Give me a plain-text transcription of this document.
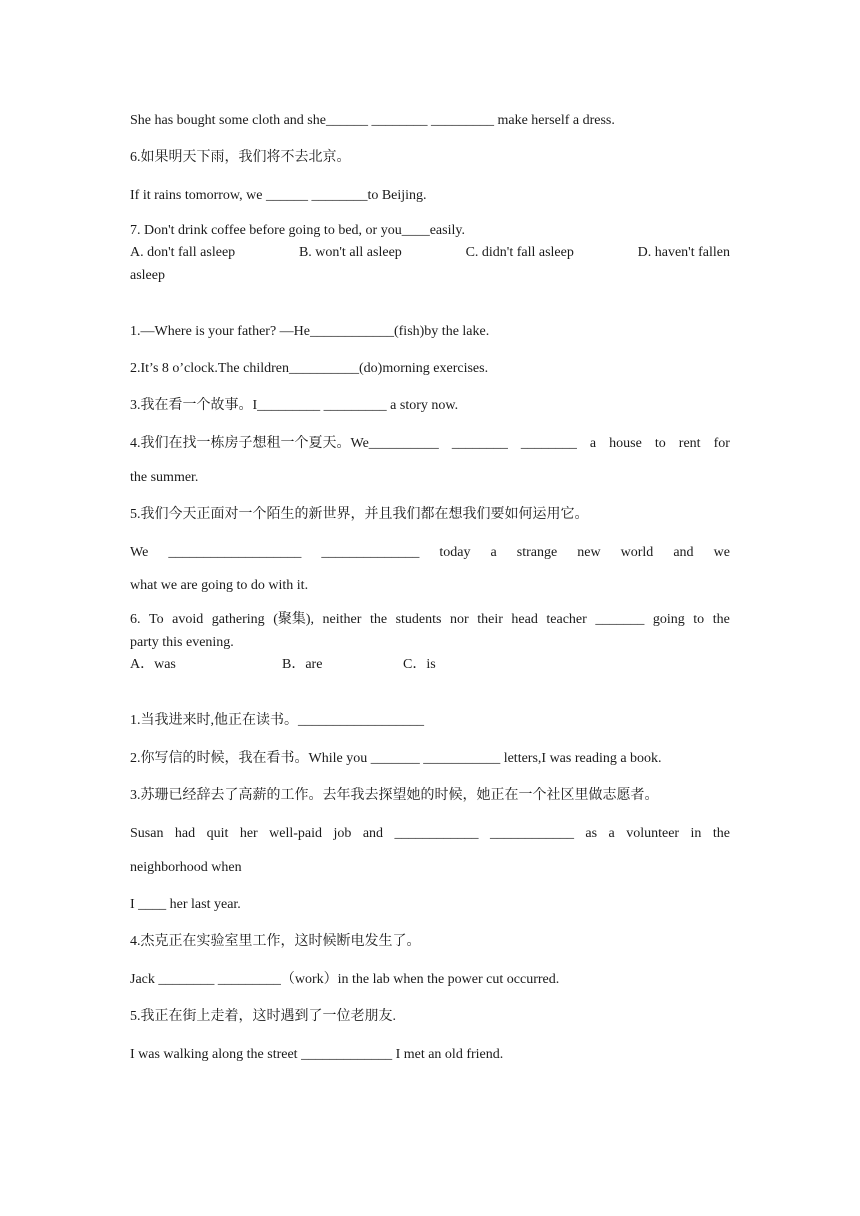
She has bought some cloth and she______ ________ _________ make herself a dress.
6.如果明天下雨，我们将不去北京。
If it rains tomorrow, we ______ ________to Beijing.
7. Don't drink coffee before going to bed, or you____easily.
A. don't fall asleep	B. won't all asleep	C. didn't fall asleep	D. haven't fallen
asleep
1.—Where is your father? —He____________(fish)by the lake.
2.It’s 8 o’clock.The children__________(do)morning exercises.
3.我在看一个故事。I_________ _________ a story now.
4.我们在找一栋房子想租一个夏天。We__________ ________ ________ a house to rent for
the summer.
5.我们今天正面对一个陌生的新世界，并且我们都在想我们要如何运用它。
We ___________________ ______________ today a strange new world and we
what we are going to do with it.
6. To avoid gathering (聚集), neither the students nor their head teacher _______ going to the
party this evening.
A．was	B．are	C．is
1.当我进来时,他正在读书。__________________
2.你写信的时候，我在看书。While you _______ ___________ letters,I was reading a book.
3.苏珊已经辞去了高薪的工作。去年我去探望她的时候，她正在一个社区里做志愿者。
Susan had quit her well-paid job and ____________ ____________ as a volunteer in the
neighborhood when
I ____ her last year.
4.杰克正在实验室里工作，这时候断电发生了。
Jack ________ _________（work）in the lab when the power cut occurred.
5.我正在街上走着，这时遇到了一位老朋友.
I was walking along the street _____________ I met an old friend.
